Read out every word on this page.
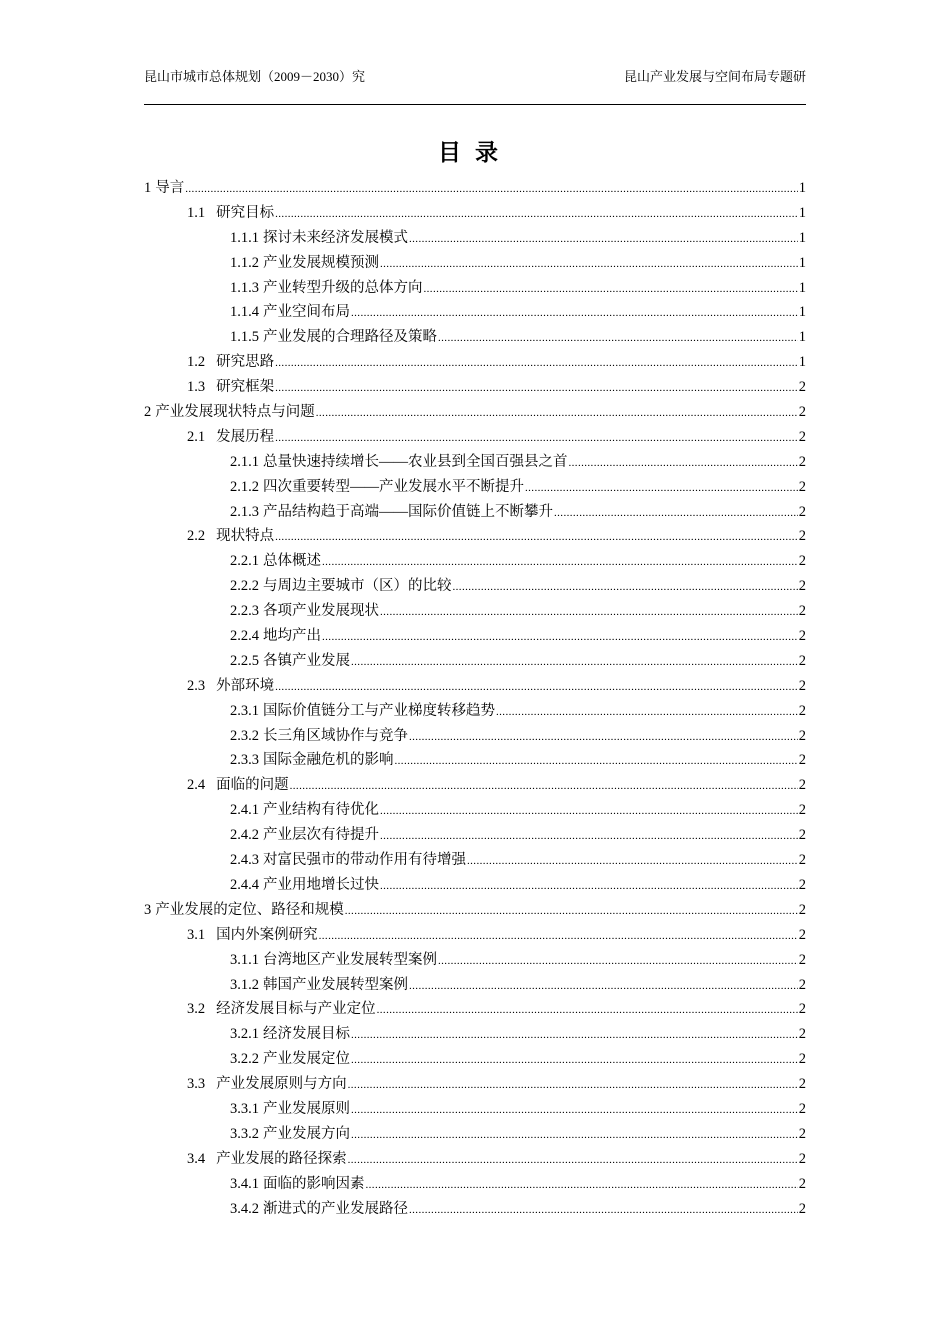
昆山市城市总体规划（2009－2030）究	昆山产业发展与空间布局专题研
目录
1 导言 .....	1
1.1 研究目标 .....	1
1.1.1 探讨未来经济发展模式 .....	1
1.1.2 产业发展规模预测 .....	1
1.1.3 产业转型升级的总体方向 .....	1
1.1.4 产业空间布局 .....	1
1.1.5 产业发展的合理路径及策略 .....	1
1.2 研究思路 .....	1
1.3 研究框架 .....	2
2 产业发展现状特点与问题 .....	2
2.1 发展历程 .....	2
2.1.1 总量快速持续增长——农业县到全国百强县之首 .....	2
2.1.2 四次重要转型——产业发展水平不断提升 .....	2
2.1.3 产品结构趋于高端——国际价值链上不断攀升 .....	2
2.2 现状特点 .....	2
2.2.1 总体概述 .....	2
2.2.2 与周边主要城市（区）的比较 .....	2
2.2.3 各项产业发展现状 .....	2
2.2.4 地均产出 .....	2
2.2.5 各镇产业发展 .....	2
2.3 外部环境 .....	2
2.3.1 国际价值链分工与产业梯度转移趋势 .....	2
2.3.2 长三角区域协作与竞争 .....	2
2.3.3 国际金融危机的影响 .....	2
2.4 面临的问题 .....	2
2.4.1 产业结构有待优化 .....	2
2.4.2 产业层次有待提升 .....	2
2.4.3 对富民强市的带动作用有待增强 .....	2
2.4.4 产业用地增长过快 .....	2
3 产业发展的定位、路径和规模 .....	2
3.1 国内外案例研究 .....	2
3.1.1 台湾地区产业发展转型案例 .....	2
3.1.2 韩国产业发展转型案例 .....	2
3.2 经济发展目标与产业定位 .....	2
3.2.1 经济发展目标 .....	2
3.2.2 产业发展定位 .....	2
3.3 产业发展原则与方向 .....	2
3.3.1 产业发展原则 .....	2
3.3.2 产业发展方向 .....	2
3.4 产业发展的路径探索 .....	2
3.4.1 面临的影响因素 .....	2
3.4.2 渐进式的产业发展路径 .....	2
